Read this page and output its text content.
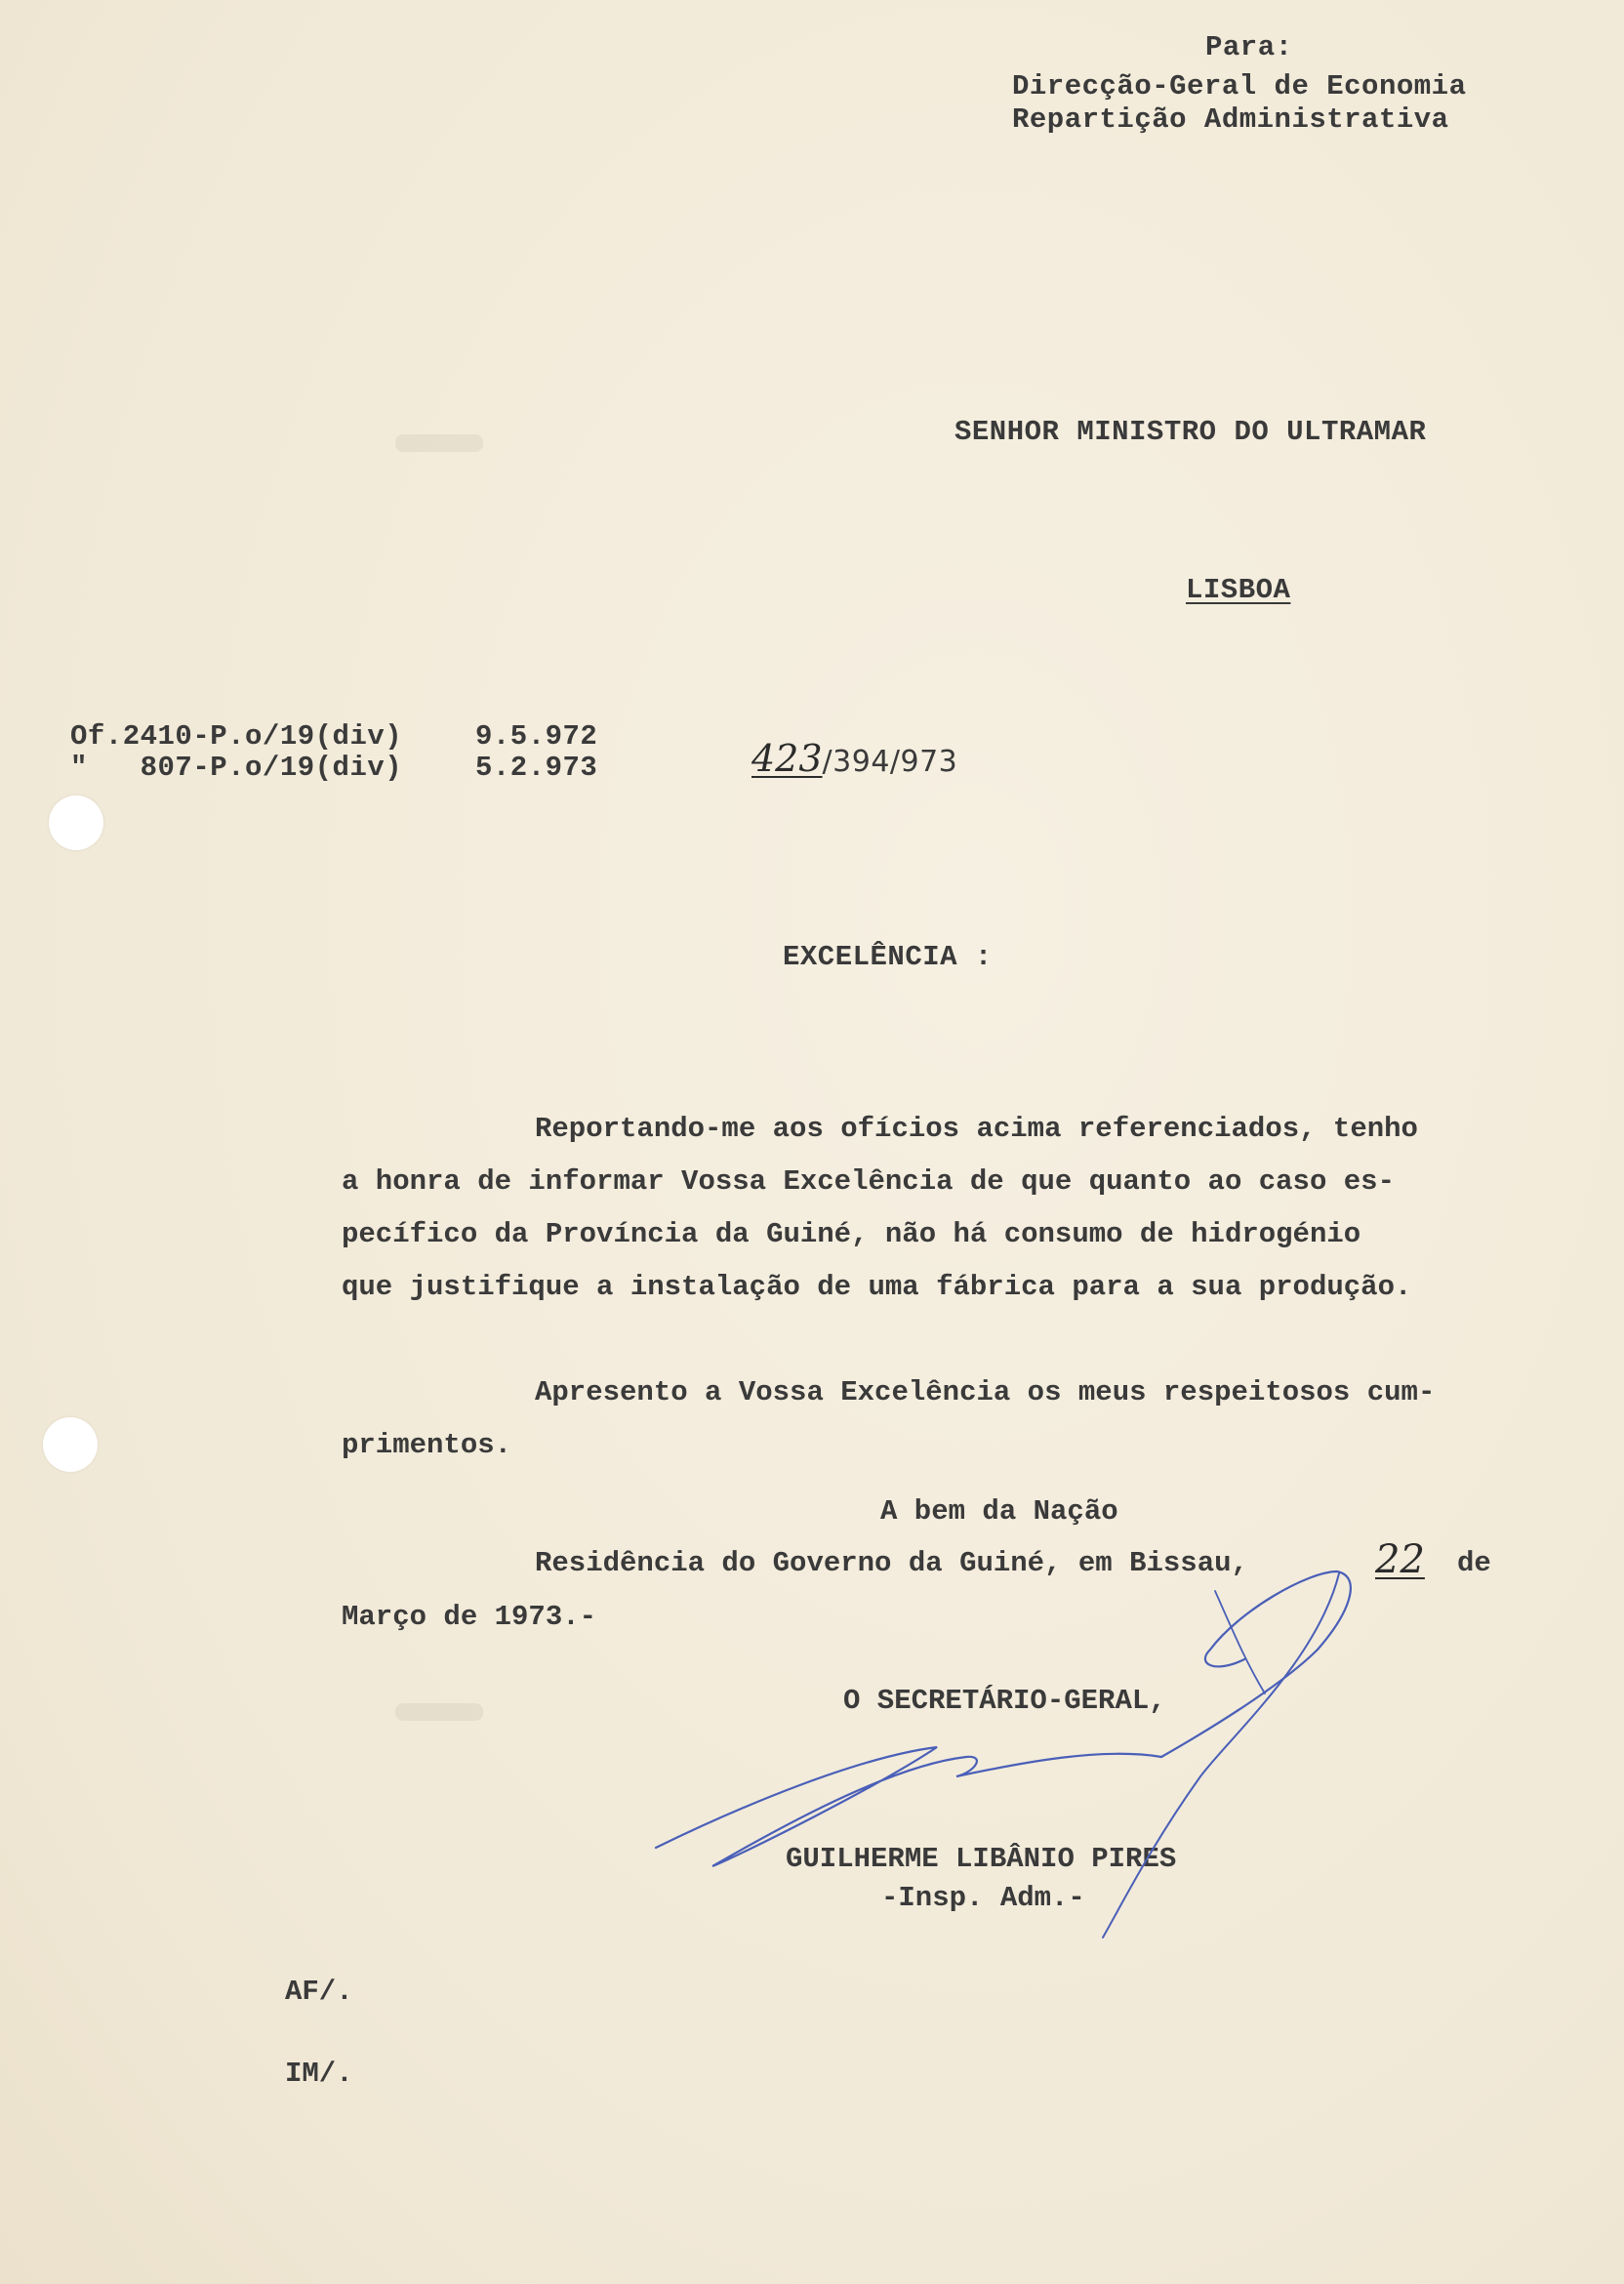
Para:
Direcção-Geral de Economia
Repartição Administrativa
SENHOR MINISTRO DO ULTRAMAR
LISBOA
Of.2410-P.o/19(div)	9.5.972
"   807-P.o/19(div)	5.2.973	423/394/973
EXCELÊNCIA :
Reportando-me aos ofícios acima referenciados, tenho
a honra de informar Vossa Excelência de que quanto ao caso es-
pecífico da Província da Guiné, não há consumo de hidrogénio
que justifique a instalação de uma fábrica para a sua produção.
Apresento a Vossa Excelência os meus respeitosos cum-
primentos.
A bem da Nação
Residência do Governo da Guiné, em Bissau,	22	de
Março de 1973.-
O SECRETÁRIO-GERAL,
GUILHERME LIBÂNIO PIRES
-Insp. Adm.-
AF/.
IM/.
